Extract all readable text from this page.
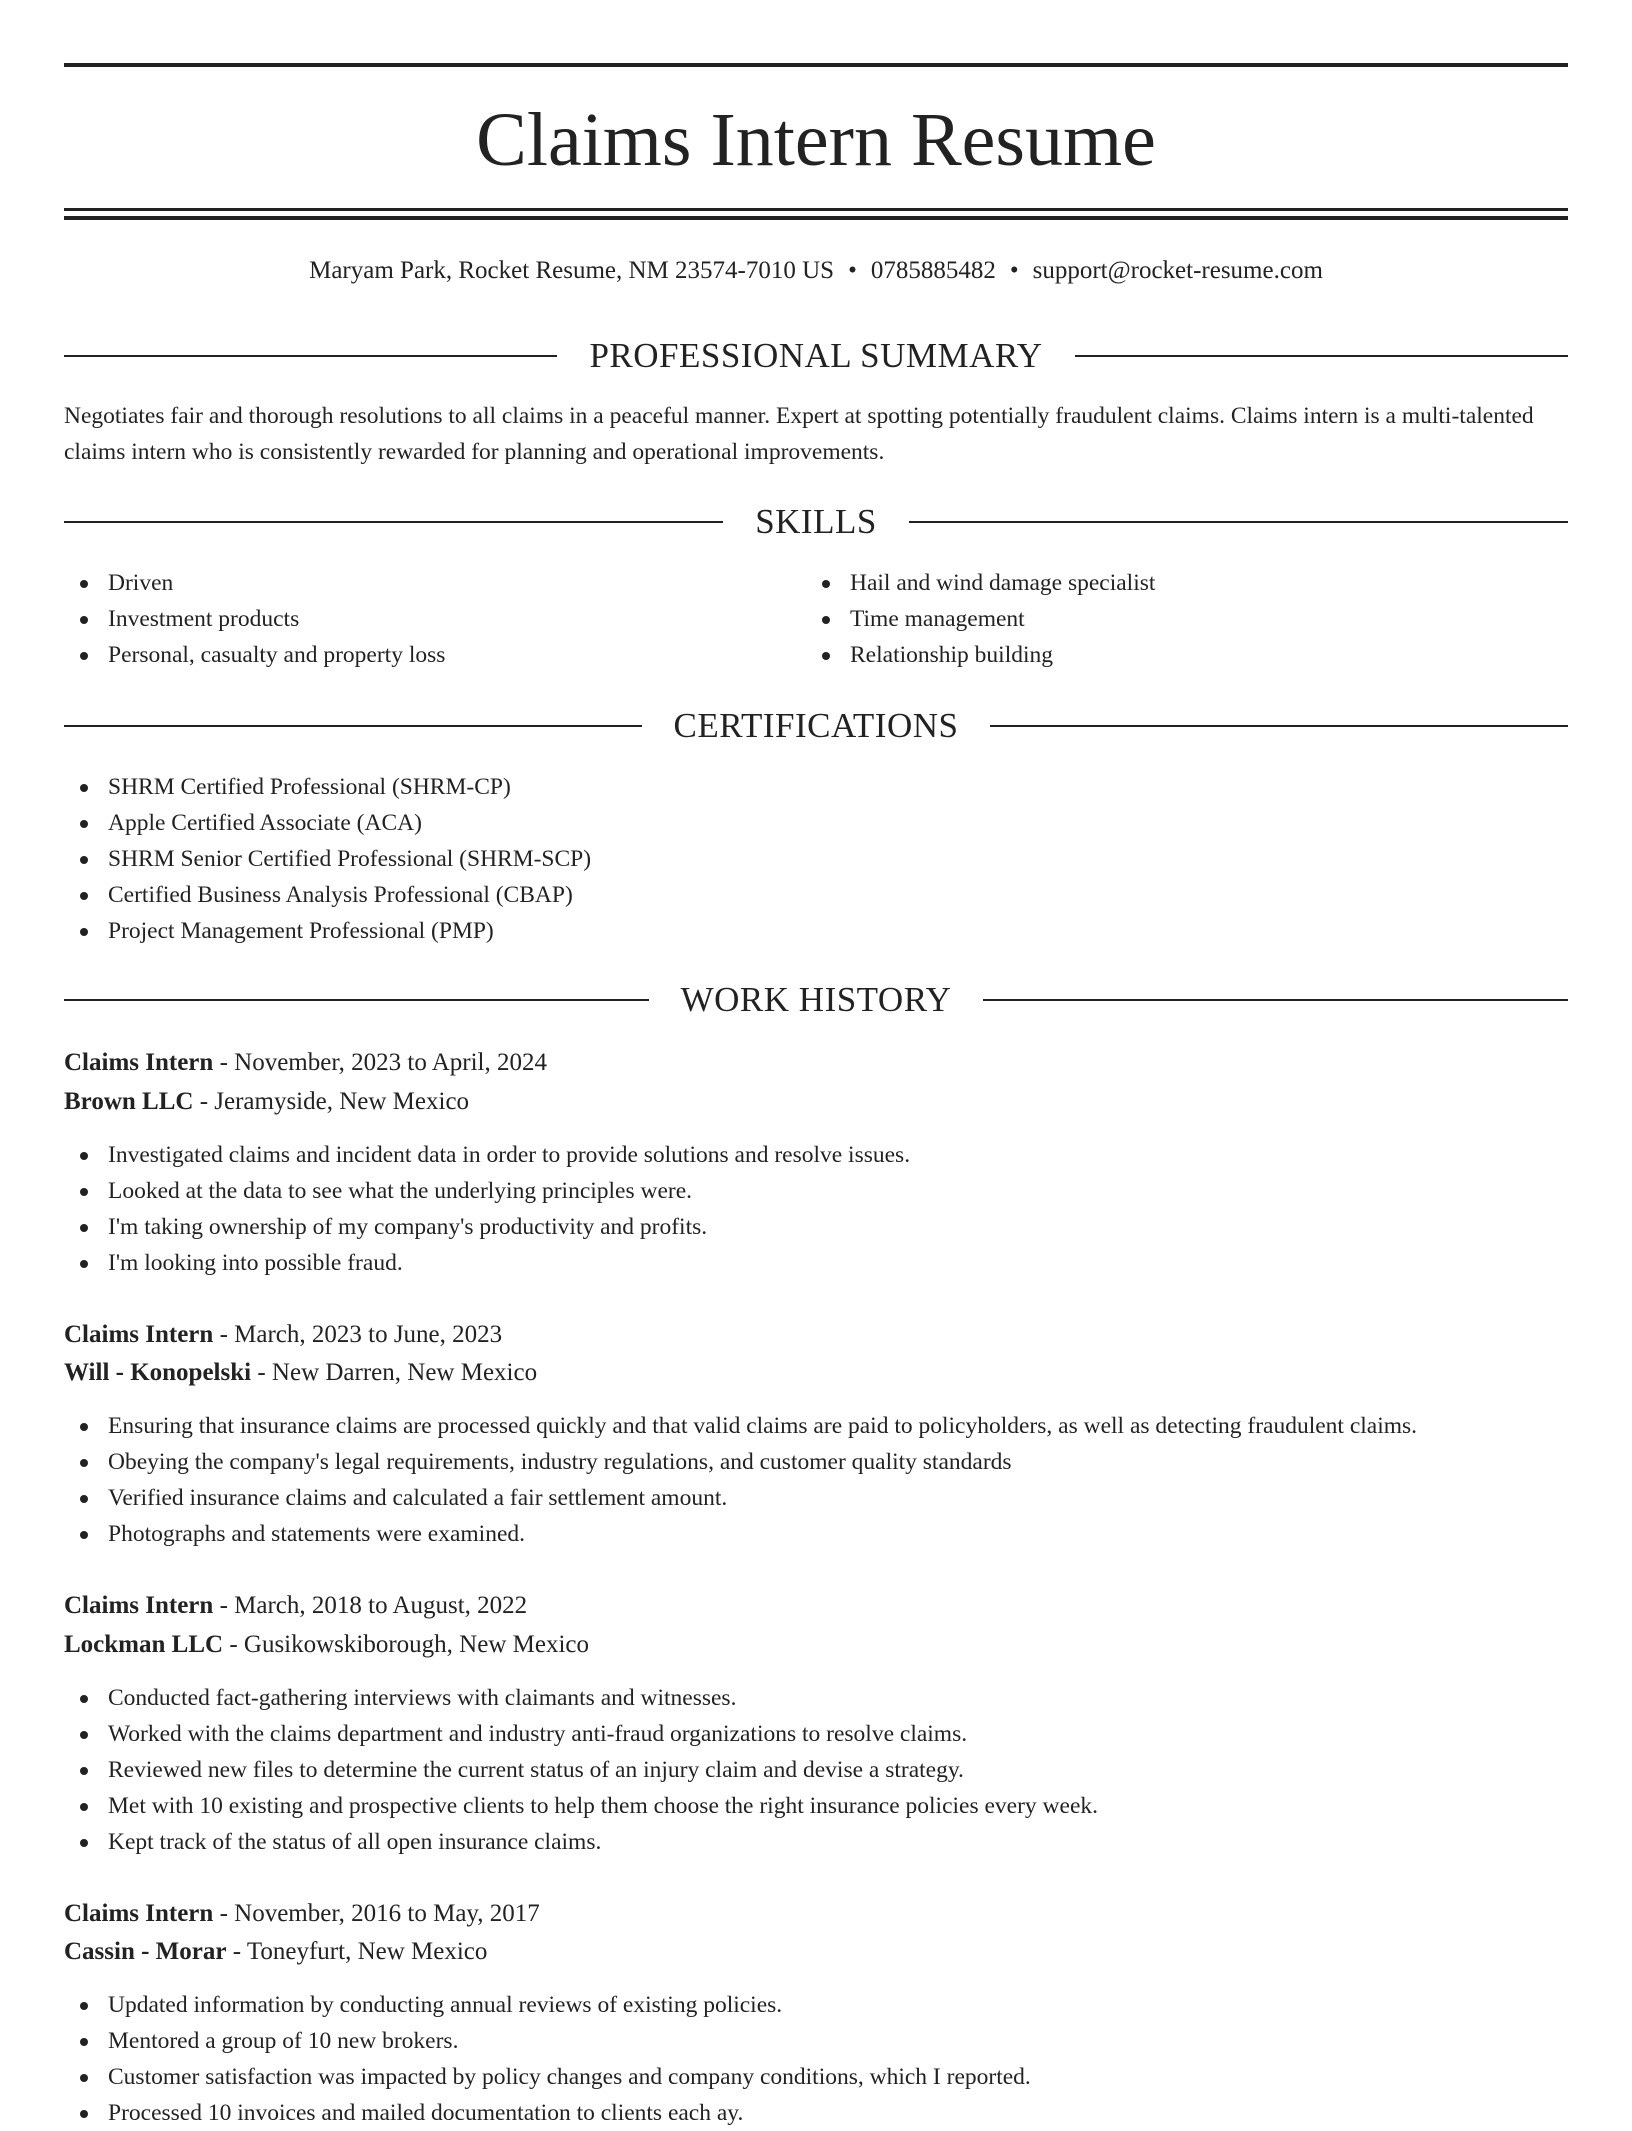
Claims Intern Resume
Maryam Park, Rocket Resume, NM 23574-7010 US • 0785885482 • support@rocket-resume.com
PROFESSIONAL SUMMARY

Negotiates fair and thorough resolutions to all claims in a peaceful manner. Expert at spotting potentially fraudulent claims. Claims intern is a multi-talented claims intern who is consistently rewarded for planning and operational improvements.

SKILLS
Driven
Investment products
Personal, casualty and property loss
Hail and wind damage specialist
Time management
Relationship building
CERTIFICATIONS
SHRM Certified Professional (SHRM-CP)
Apple Certified Associate (ACA)
SHRM Senior Certified Professional (SHRM-SCP)
Certified Business Analysis Professional (CBAP)
Project Management Professional (PMP)
WORK HISTORY
Claims Intern - November, 2023 to April, 2024
Brown LLC - Jeramyside, New Mexico
Investigated claims and incident data in order to provide solutions and resolve issues.
Looked at the data to see what the underlying principles were.
I'm taking ownership of my company's productivity and profits.
I'm looking into possible fraud.
Claims Intern - March, 2023 to June, 2023
Will - Konopelski - New Darren, New Mexico
Ensuring that insurance claims are processed quickly and that valid claims are paid to policyholders, as well as detecting fraudulent claims.
Obeying the company's legal requirements, industry regulations, and customer quality standards
Verified insurance claims and calculated a fair settlement amount.
Photographs and statements were examined.
Claims Intern - March, 2018 to August, 2022
Lockman LLC - Gusikowskiborough, New Mexico
Conducted fact-gathering interviews with claimants and witnesses.
Worked with the claims department and industry anti-fraud organizations to resolve claims.
Reviewed new files to determine the current status of an injury claim and devise a strategy.
Met with 10 existing and prospective clients to help them choose the right insurance policies every week.
Kept track of the status of all open insurance claims.
Claims Intern - November, 2016 to May, 2017
Cassin - Morar - Toneyfurt, New Mexico
Updated information by conducting annual reviews of existing policies.
Mentored a group of 10 new brokers.
Customer satisfaction was impacted by policy changes and company conditions, which I reported.
Processed 10 invoices and mailed documentation to clients each ay.
